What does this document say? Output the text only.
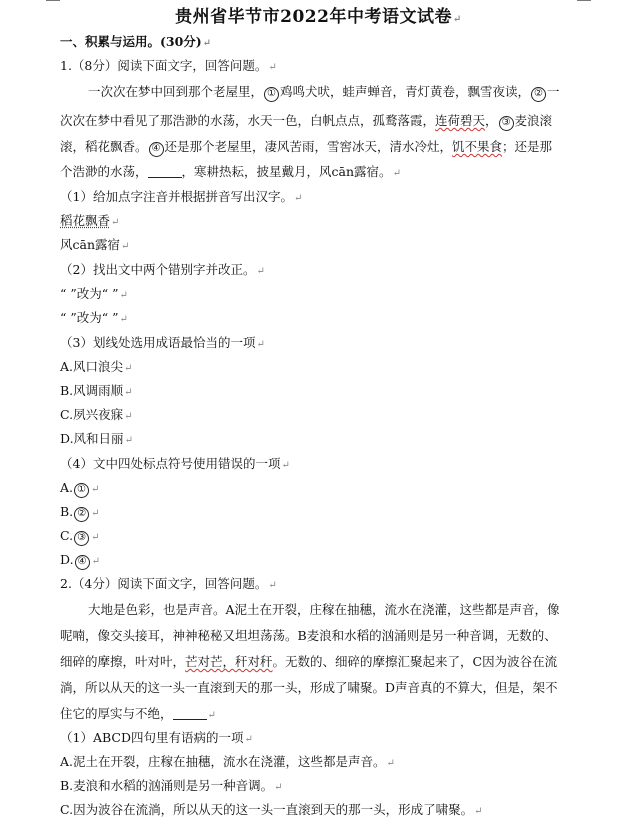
贵州省毕节市2022年中考语文试卷↵
一、积累与运用。(30分)↵
1.（8分）阅读下面文字，回答问题。↵
一次次在梦中回到那个老屋里， ① 鸡鸣犬吠，蛙声蝉音，青灯黄卷，飘雪夜读， ② 一
次次在梦中看见了那浩渺的水荡，水天一色，白帆点点，孤鹜落霞，连荷碧天， ③ 麦浪滚
滚，稻花飘香。 ④ 还是那个老屋里，凄风苦雨，雪窖冰天，清水冷灶，饥不果食；还是那
个浩渺的水荡，	，寒耕热耘，披星戴月，风cān露宿。↵
（1）给加点字注音并根据拼音写出汉字。↵
稻花飘香↵
风cān露宿↵
（2）找出文中两个错别字并改正。↵
“ ”改为“ ”↵
“ ”改为“ ”↵
（3）划线处选用成语最恰当的一项↵
A.风口浪尖↵
B.风调雨顺↵
C.夙兴夜寐↵
D.风和日丽↵
（4）文中四处标点符号使用错误的一项↵
A. ① ↵
B. ② ↵
C. ③ ↵
D. ④ ↵
2.（4分）阅读下面文字，回答问题。↵
大地是色彩，也是声音。A泥土在开裂，庄稼在抽穗，流水在浇灌，这些都是声音，像
呢喃，像交头接耳，神神秘秘又坦坦荡荡。B麦浪和水稻的汹涌则是另一种音调，无数的、
细碎的摩擦，叶对叶，芒对芒，秆对秆。无数的、细碎的摩擦汇聚起来了，C因为波谷在流
淌，所以从天的这一头一直滚到天的那一头，形成了啸聚。D声音真的不算大，但是，架不
住它的厚实与不绝，	↵
（1）ABCD四句里有语病的一项↵
A.泥土在开裂，庄稼在抽穗，流水在浇灌，这些都是声音。↵
B.麦浪和水稻的汹涌则是另一种音调。↵
C.因为波谷在流淌，所以从天的这一头一直滚到天的那一头，形成了啸聚。↵
